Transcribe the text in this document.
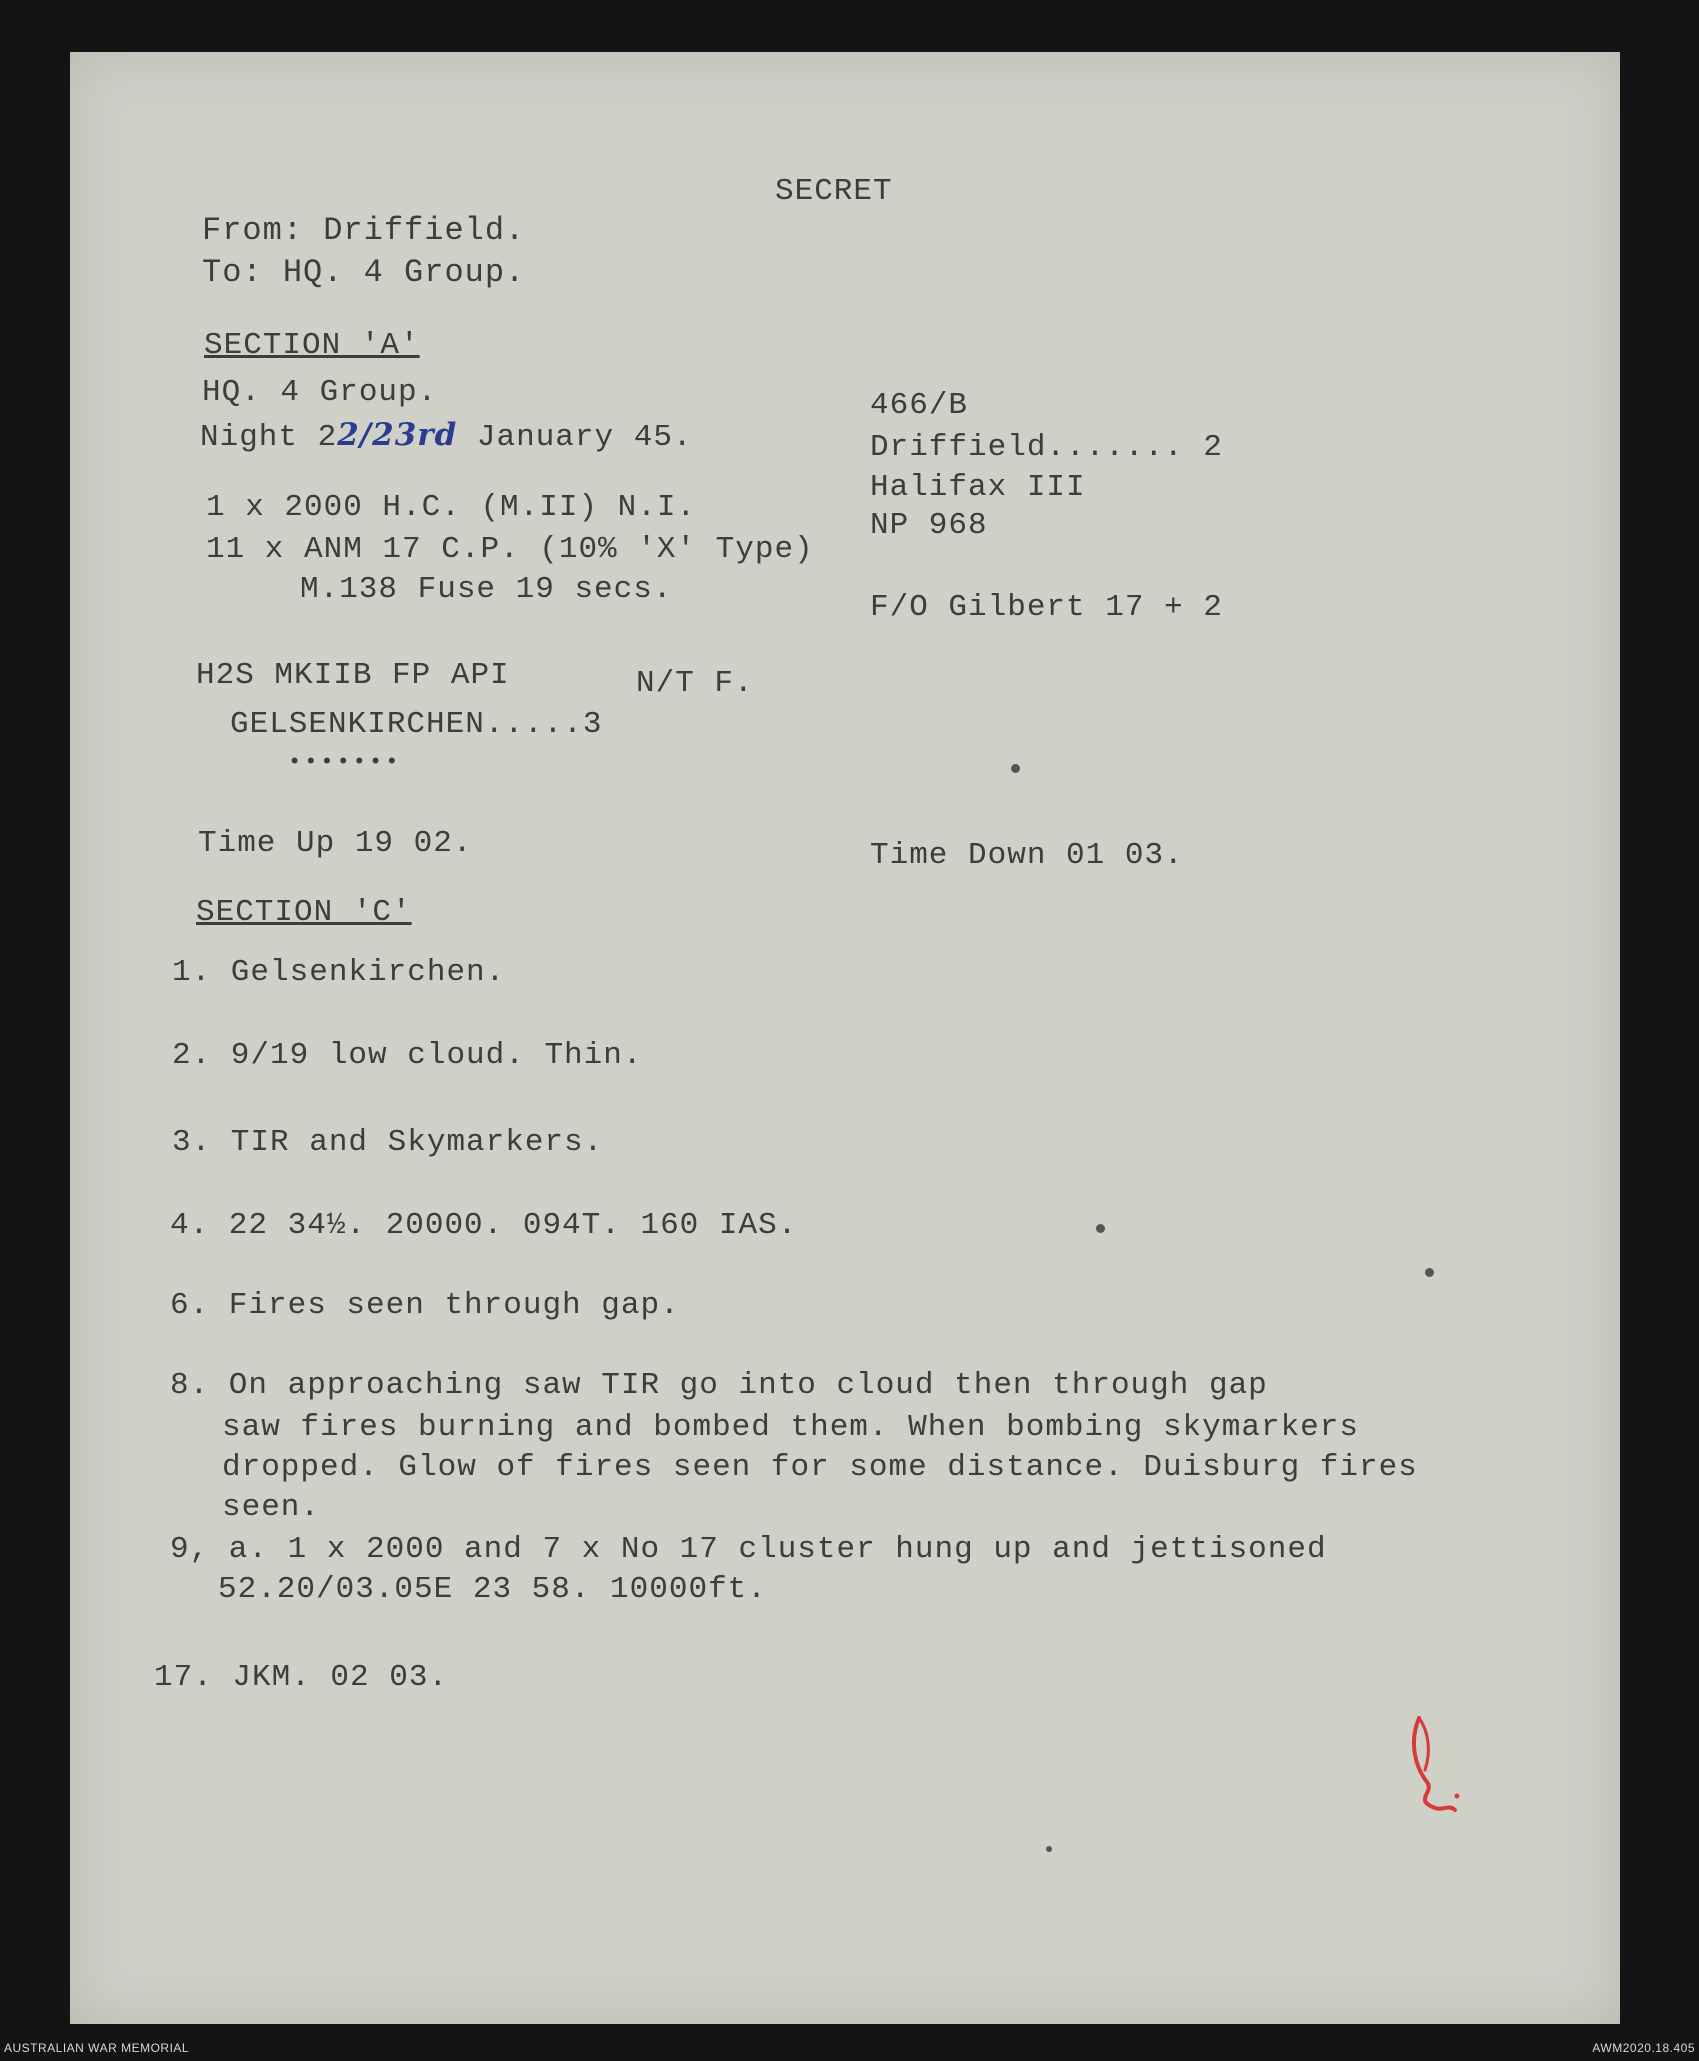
SECRET
From: Driffield.
To: HQ. 4 Group.
SECTION 'A'
HQ. 4 Group.
Night 22/23rd January 45.
1 x 2000 H.C. (M.II) N.I.
11 x ANM 17 C.P. (10% 'X' Type)
M.138 Fuse 19 secs.
H2S MKIIB FP API	N/T F.
GELSENKIRCHEN.....3
•••••••
Time Up 19 02.
466/B
Driffield....... 2
Halifax III
NP 968
F/O Gilbert 17 + 2
Time Down 01 03.
SECTION 'C'
1. Gelsenkirchen.
2. 9/19 low cloud. Thin.
3. TIR and Skymarkers.
4. 22 34½. 20000. 094T. 160 IAS.
6. Fires seen through gap.
8. On approaching saw TIR go into cloud then through gap
saw fires burning and bombed them. When bombing skymarkers
dropped. Glow of fires seen for some distance. Duisburg fires
seen.
9, a. 1 x 2000 and 7 x No 17 cluster hung up and jettisoned
52.20/03.05E 23 58. 10000ft.
17. JKM. 02 03.
AUSTRALIAN WAR MEMORIAL	AWM2020.18.405
